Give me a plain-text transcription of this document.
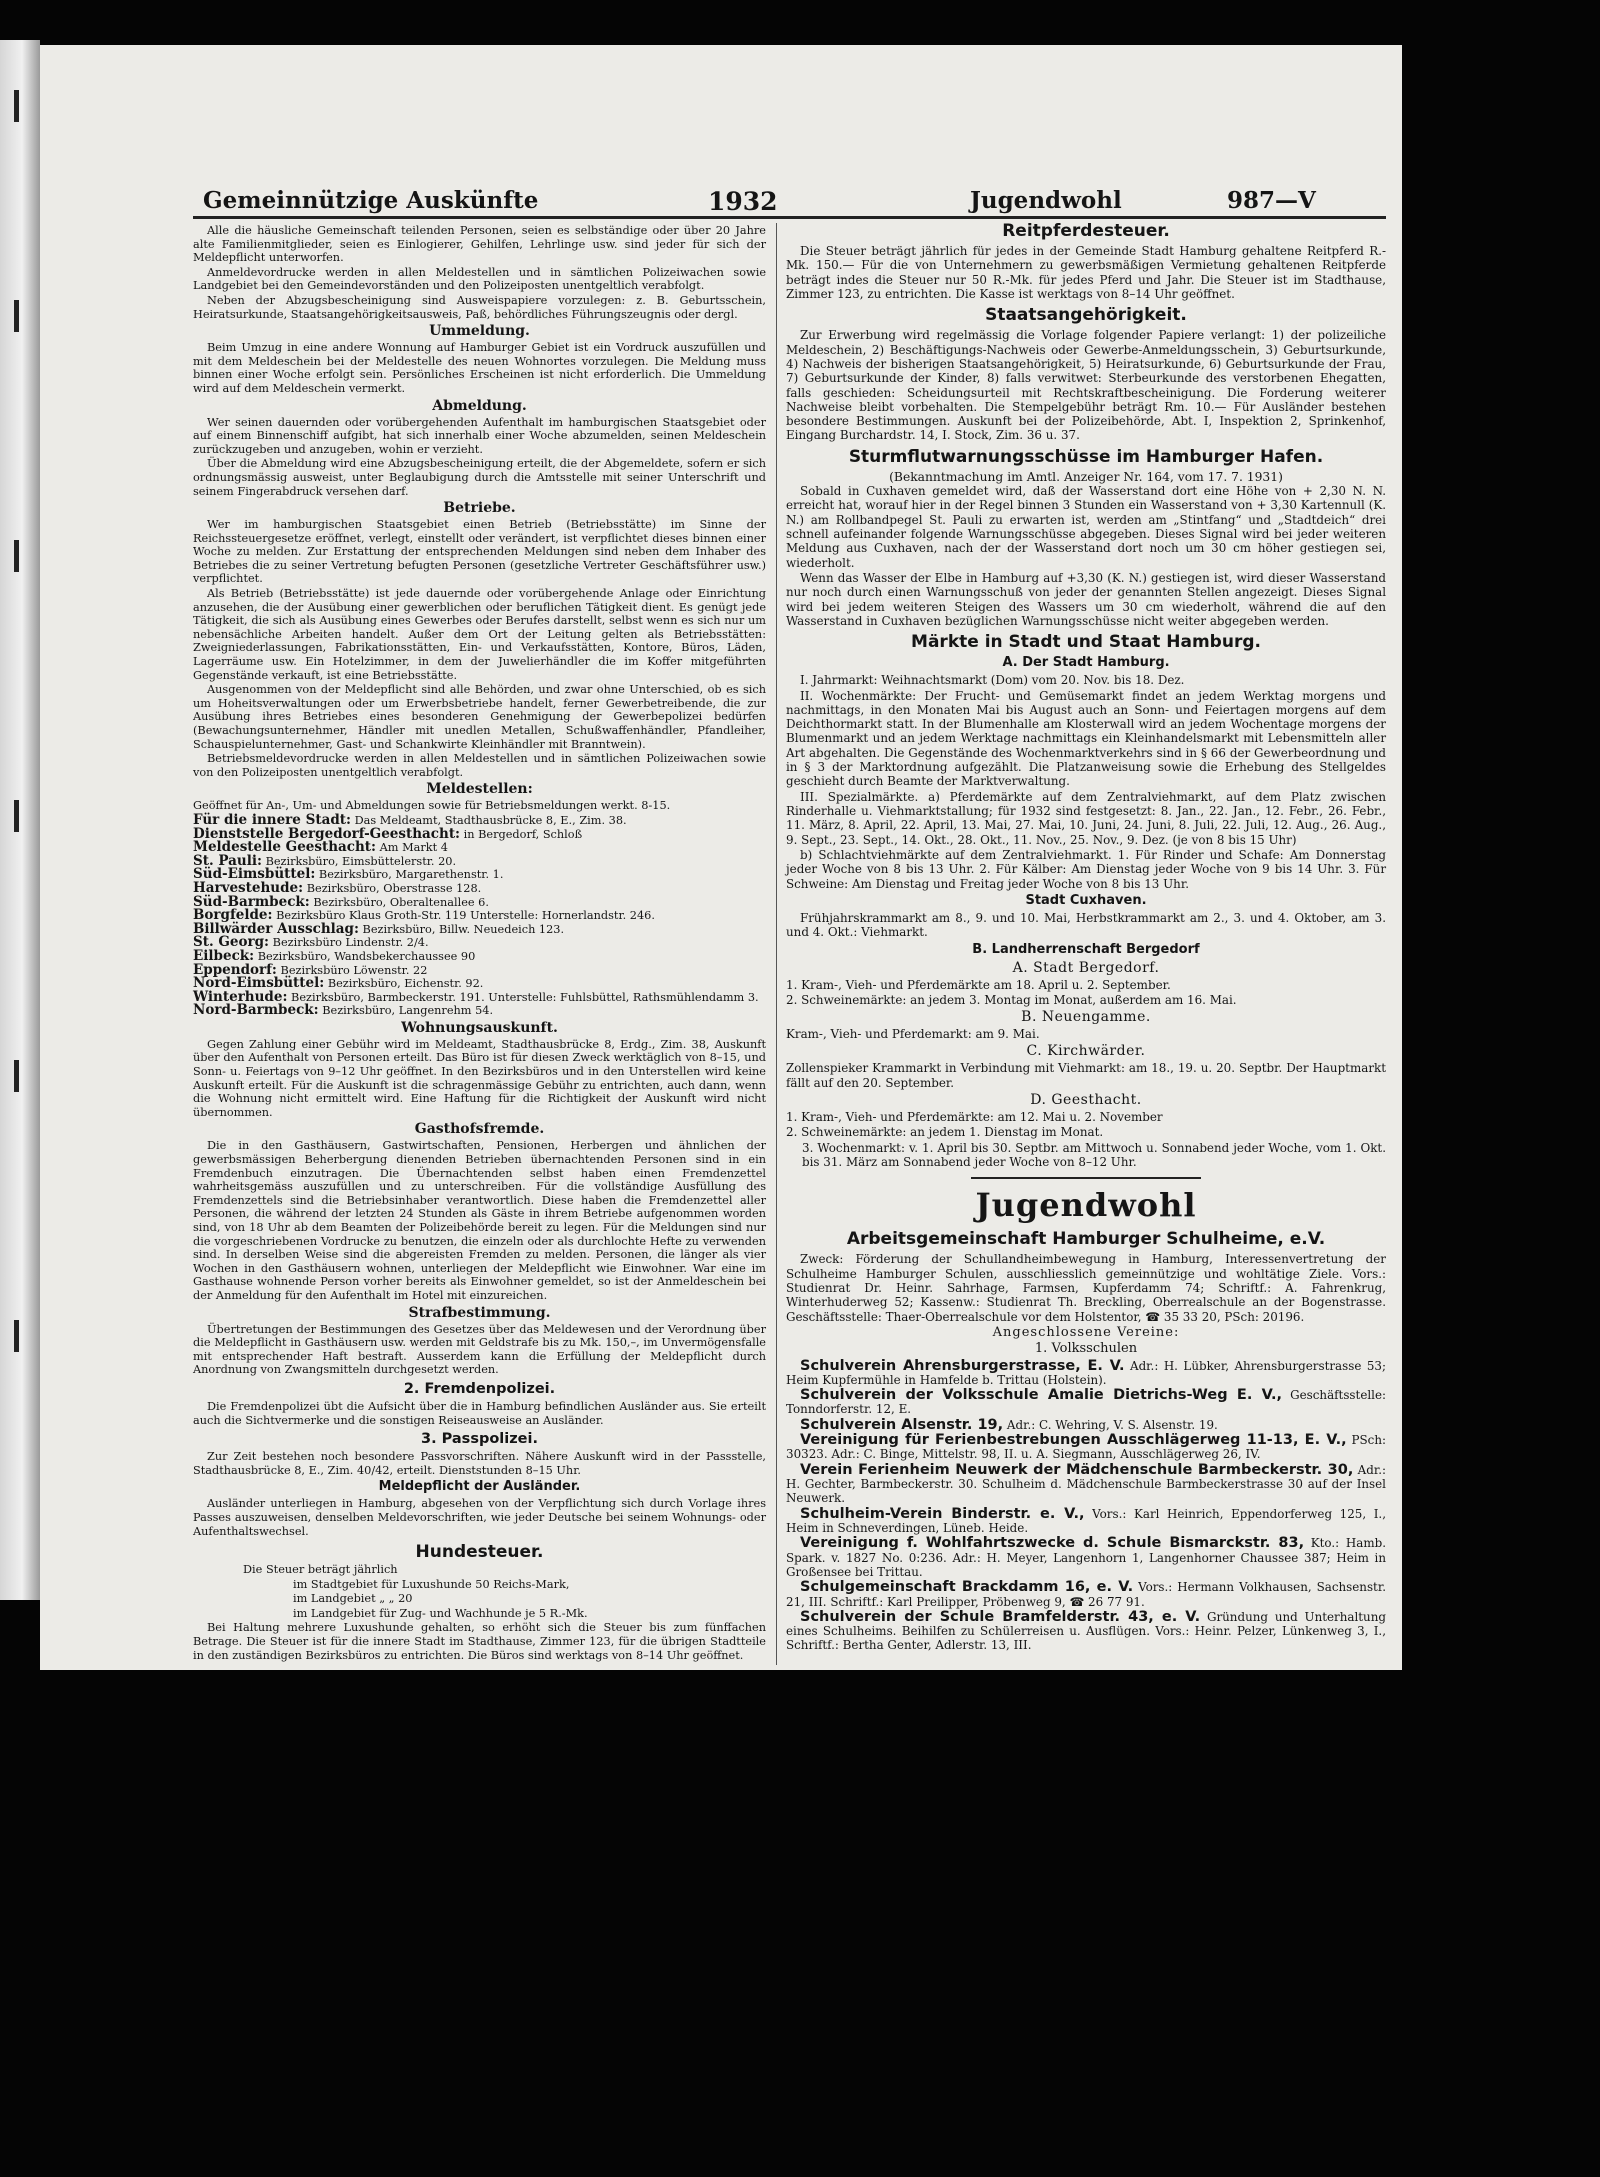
Gemeinnützige Auskünfte	1932	Jugendwohl	987—V

Alle die häusliche Gemeinschaft teilenden Personen, seien es selbständige oder über 20 Jahre alte Familienmitglieder, seien es Einlogierer, Gehilfen, Lehrlinge usw. sind jeder für sich der Meldepflicht unterworfen.

Anmeldevordrucke werden in allen Meldestellen und in sämtlichen Polizeiwachen sowie Landgebiet bei den Gemeindevorständen und den Polizeiposten unentgeltlich verabfolgt.

Neben der Abzugsbescheinigung sind Ausweispapiere vorzulegen: z. B. Geburtsschein, Heiratsurkunde, Staatsangehörigkeitsausweis, Paß, behördliches Führungszeugnis oder dergl.

Ummeldung.

Beim Umzug in eine andere Wonnung auf Hamburger Gebiet ist ein Vordruck auszufüllen und mit dem Meldeschein bei der Meldestelle des neuen Wohnortes vorzulegen. Die Meldung muss binnen einer Woche erfolgt sein. Persönliches Erscheinen ist nicht erforderlich. Die Ummeldung wird auf dem Meldeschein vermerkt.

Abmeldung.

Wer seinen dauernden oder vorübergehenden Aufenthalt im hamburgischen Staatsgebiet oder auf einem Binnenschiff aufgibt, hat sich innerhalb einer Woche abzumelden, seinen Meldeschein zurückzugeben und anzugeben, wohin er verzieht.

Über die Abmeldung wird eine Abzugsbescheinigung erteilt, die der Abgemeldete, sofern er sich ordnungsmässig ausweist, unter Beglaubigung durch die Amtsstelle mit seiner Unterschrift und seinem Fingerabdruck versehen darf.

Betriebe.

Wer im hamburgischen Staatsgebiet einen Betrieb (Betriebsstätte) im Sinne der Reichssteuergesetze eröffnet, verlegt, einstellt oder verändert, ist verpflichtet dieses binnen einer Woche zu melden. Zur Erstattung der entsprechenden Meldungen sind neben dem Inhaber des Betriebes die zu seiner Vertretung befugten Personen (gesetzliche Vertreter Geschäftsführer usw.) verpflichtet.

Als Betrieb (Betriebsstätte) ist jede dauernde oder vorübergehende Anlage oder Einrichtung anzusehen, die der Ausübung einer gewerblichen oder beruflichen Tätigkeit dient. Es genügt jede Tätigkeit, die sich als Ausübung eines Gewerbes oder Berufes darstellt, selbst wenn es sich nur um nebensächliche Arbeiten handelt. Außer dem Ort der Leitung gelten als Betriebsstätten: Zweigniederlassungen, Fabrikationsstätten, Ein- und Verkaufsstätten, Kontore, Büros, Läden, Lagerräume usw. Ein Hotelzimmer, in dem der Juwelierhändler die im Koffer mitgeführten Gegenstände verkauft, ist eine Betriebsstätte.

Ausgenommen von der Meldepflicht sind alle Behörden, und zwar ohne Unterschied, ob es sich um Hoheitsverwaltungen oder um Erwerbsbetriebe handelt, ferner Gewerbetreibende, die zur Ausübung ihres Betriebes eines besonderen Genehmigung der Gewerbepolizei bedürfen (Bewachungsunternehmer, Händler mit unedlen Metallen, Schußwaffenhändler, Pfandleiher, Schauspielunternehmer, Gast- und Schankwirte Kleinhändler mit Branntwein).

Betriebsmeldevordrucke werden in allen Meldestellen und in sämtlichen Polizeiwachen sowie von den Polizeiposten unentgeltlich verabfolgt.

Meldestellen:

Geöffnet für An-, Um- und Abmeldungen sowie für Betriebsmeldungen werkt. 8-15.

Für die innere Stadt: Das Meldeamt, Stadthausbrücke 8, E., Zim. 38.
Dienststelle Bergedorf-Geesthacht: in Bergedorf, Schloß
Meldestelle Geesthacht: Am Markt 4
St. Pauli: Bezirksbüro, Eimsbüttelerstr. 20.
Süd-Eimsbüttel: Bezirksbüro, Margarethenstr. 1.
Harvestehude: Bezirksbüro, Oberstrasse 128.
Süd-Barmbeck: Bezirksbüro, Oberaltenallee 6.
Borgfelde: Bezirksbüro Klaus Groth-Str. 119 Unterstelle: Hornerlandstr. 246.
Billwärder Ausschlag: Bezirksbüro, Billw. Neuedeich 123.
St. Georg: Bezirksbüro Lindenstr. 2/4.
Eilbeck: Bezirksbüro, Wandsbekerchaussee 90
Eppendorf: Bezirksbüro Löwenstr. 22
Nord-Eimsbüttel: Bezirksbüro, Eichenstr. 92.
Winterhude: Bezirksbüro, Barmbeckerstr. 191. Unterstelle: Fuhlsbüttel, Rathsmühlendamm 3.
Nord-Barmbeck: Bezirksbüro, Langenrehm 54.
Wohnungsauskunft.

Gegen Zahlung einer Gebühr wird im Meldeamt, Stadthausbrücke 8, Erdg., Zim. 38, Auskunft über den Aufenthalt von Personen erteilt. Das Büro ist für diesen Zweck werktäglich von 8–15, und Sonn- u. Feiertags von 9–12 Uhr geöffnet. In den Bezirksbüros und in den Unterstellen wird keine Auskunft erteilt. Für die Auskunft ist die schragenmässige Gebühr zu entrichten, auch dann, wenn die Wohnung nicht ermittelt wird. Eine Haftung für die Richtigkeit der Auskunft wird nicht übernommen.

Gasthofsfremde.

Die in den Gasthäusern, Gastwirtschaften, Pensionen, Herbergen und ähnlichen der gewerbsmässigen Beherbergung dienenden Betrieben übernachtenden Personen sind in ein Fremdenbuch einzutragen. Die Übernachtenden selbst haben einen Fremdenzettel wahrheitsgemäss auszufüllen und zu unterschreiben. Für die vollständige Ausfüllung des Fremdenzettels sind die Betriebsinhaber verantwortlich. Diese haben die Fremdenzettel aller Personen, die während der letzten 24 Stunden als Gäste in ihrem Betriebe aufgenommen worden sind, von 18 Uhr ab dem Beamten der Polizeibehörde bereit zu legen. Für die Meldungen sind nur die vorgeschriebenen Vordrucke zu benutzen, die einzeln oder als durchlochte Hefte zu verwenden sind. In derselben Weise sind die abgereisten Fremden zu melden. Personen, die länger als vier Wochen in den Gasthäusern wohnen, unterliegen der Meldepflicht wie Einwohner. War eine im Gasthause wohnende Person vorher bereits als Einwohner gemeldet, so ist der Anmeldeschein bei der Anmeldung für den Aufenthalt im Hotel mit einzureichen.

Strafbestimmung.

Übertretungen der Bestimmungen des Gesetzes über das Meldewesen und der Verordnung über die Meldepflicht in Gasthäusern usw. werden mit Geldstrafe bis zu Mk. 150,–, im Unvermögensfalle mit entsprechender Haft bestraft. Ausserdem kann die Erfüllung der Meldepflicht durch Anordnung von Zwangsmitteln durchgesetzt werden.

2. Fremdenpolizei.

Die Fremdenpolizei übt die Aufsicht über die in Hamburg befindlichen Ausländer aus. Sie erteilt auch die Sichtvermerke und die sonstigen Reiseausweise an Ausländer.

3. Passpolizei.

Zur Zeit bestehen noch besondere Passvorschriften. Nähere Auskunft wird in der Passstelle, Stadthausbrücke 8, E., Zim. 40/42, erteilt. Dienststunden 8–15 Uhr.

Meldepflicht der Ausländer.

Ausländer unterliegen in Hamburg, abgesehen von der Verpflichtung sich durch Vorlage ihres Passes auszuweisen, denselben Meldevorschriften, wie jeder Deutsche bei seinem Wohnungs- oder Aufenthaltswechsel.

Hundesteuer.

Die Steuer beträgt jährlich

im Stadtgebiet für Luxushunde 50 Reichs-Mark,

im Landgebiet „ „ 20

im Landgebiet für Zug- und Wachhunde je 5 R.-Mk.

Bei Haltung mehrere Luxushunde gehalten, so erhöht sich die Steuer bis zum fünffachen Betrage. Die Steuer ist für die innere Stadt im Stadthause, Zimmer 123, für die übrigen Stadtteile in den zuständigen Bezirksbüros zu entrichten. Die Büros sind werktags von 8–14 Uhr geöffnet.

Reitpferdesteuer.

Die Steuer beträgt jährlich für jedes in der Gemeinde Stadt Hamburg gehaltene Reitpferd R.-Mk. 150.— Für die von Unternehmern zu gewerbsmäßigen Vermietung gehaltenen Reitpferde beträgt indes die Steuer nur 50 R.-Mk. für jedes Pferd und Jahr. Die Steuer ist im Stadthause, Zimmer 123, zu entrichten. Die Kasse ist werktags von 8–14 Uhr geöffnet.

Staatsangehörigkeit.

Zur Erwerbung wird regelmässig die Vorlage folgender Papiere verlangt: 1) der polizeiliche Meldeschein, 2) Beschäftigungs-Nachweis oder Gewerbe-Anmeldungsschein, 3) Geburtsurkunde, 4) Nachweis der bisherigen Staatsangehörigkeit, 5) Heiratsurkunde, 6) Geburtsurkunde der Frau, 7) Geburtsurkunde der Kinder, 8) falls verwitwet: Sterbeurkunde des verstorbenen Ehegatten, falls geschieden: Scheidungsurteil mit Rechtskraftbescheinigung. Die Forderung weiterer Nachweise bleibt vorbehalten. Die Stempelgebühr beträgt Rm. 10.— Für Ausländer bestehen besondere Bestimmungen. Auskunft bei der Polizeibehörde, Abt. I, Inspektion 2, Sprinkenhof, Eingang Burchardstr. 14, I. Stock, Zim. 36 u. 37.

Sturmflutwarnungsschüsse im Hamburger Hafen.
(Bekanntmachung im Amtl. Anzeiger Nr. 164, vom 17. 7. 1931)

Sobald in Cuxhaven gemeldet wird, daß der Wasserstand dort eine Höhe von + 2,30 N. N. erreicht hat, worauf hier in der Regel binnen 3 Stunden ein Wasserstand von + 3,30 Kartennull (K. N.) am Rollbandpegel St. Pauli zu erwarten ist, werden am „Stintfang“ und „Stadtdeich“ drei schnell aufeinander folgende Warnungsschüsse abgegeben. Dieses Signal wird bei jeder weiteren Meldung aus Cuxhaven, nach der der Wasserstand dort noch um 30 cm höher gestiegen sei, wiederholt.

Wenn das Wasser der Elbe in Hamburg auf +3,30 (K. N.) gestiegen ist, wird dieser Wasserstand nur noch durch einen Warnungsschuß von jeder der genannten Stellen angezeigt. Dieses Signal wird bei jedem weiteren Steigen des Wassers um 30 cm wiederholt, während die auf den Wasserstand in Cuxhaven bezüglichen Warnungsschüsse nicht weiter abgegeben werden.

Märkte in Stadt und Staat Hamburg.
A. Der Stadt Hamburg.

I. Jahrmarkt: Weihnachtsmarkt (Dom) vom 20. Nov. bis 18. Dez.

II. Wochenmärkte: Der Frucht- und Gemüsemarkt findet an jedem Werktag morgens und nachmittags, in den Monaten Mai bis August auch an Sonn- und Feiertagen morgens auf dem Deichthormarkt statt. In der Blumenhalle am Klosterwall wird an jedem Wochentage morgens der Blumenmarkt und an jedem Werktage nachmittags ein Kleinhandelsmarkt mit Lebensmitteln aller Art abgehalten. Die Gegenstände des Wochenmarktverkehrs sind in § 66 der Gewerbeordnung und in § 3 der Marktordnung aufgezählt. Die Platzanweisung sowie die Erhebung des Stellgeldes geschieht durch Beamte der Marktverwaltung.

III. Spezialmärkte. a) Pferdemärkte auf dem Zentralviehmarkt, auf dem Platz zwischen Rinderhalle u. Viehmarktstallung; für 1932 sind festgesetzt: 8. Jan., 22. Jan., 12. Febr., 26. Febr., 11. März, 8. April, 22. April, 13. Mai, 27. Mai, 10. Juni, 24. Juni, 8. Juli, 22. Juli, 12. Aug., 26. Aug., 9. Sept., 23. Sept., 14. Okt., 28. Okt., 11. Nov., 25. Nov., 9. Dez. (je von 8 bis 15 Uhr)

b) Schlachtviehmärkte auf dem Zentralviehmarkt. 1. Für Rinder und Schafe: Am Donnerstag jeder Woche von 8 bis 13 Uhr. 2. Für Kälber: Am Dienstag jeder Woche von 9 bis 14 Uhr. 3. Für Schweine: Am Dienstag und Freitag jeder Woche von 8 bis 13 Uhr.

Stadt Cuxhaven.

Frühjahrskrammarkt am 8., 9. und 10. Mai, Herbstkrammarkt am 2., 3. und 4. Oktober, am 3. und 4. Okt.: Viehmarkt.

B. Landherrenschaft Bergedorf
A. Stadt Bergedorf.

1. Kram-, Vieh- und Pferdemärkte am 18. April u. 2. September.

2. Schweinemärkte: an jedem 3. Montag im Monat, außerdem am 16. Mai.

B. Neuengamme.

Kram-, Vieh- und Pferdemarkt: am 9. Mai.

C. Kirchwärder.

Zollenspieker Krammarkt in Verbindung mit Viehmarkt: am 18., 19. u. 20. Septbr. Der Hauptmarkt fällt auf den 20. September.

D. Geesthacht.

1. Kram-, Vieh- und Pferdemärkte: am 12. Mai u. 2. November

2. Schweinemärkte: an jedem 1. Dienstag im Monat.

3. Wochenmarkt: v. 1. April bis 30. Septbr. am Mittwoch u. Sonnabend jeder Woche, vom 1. Okt. bis 31. März am Sonnabend jeder Woche von 8–12 Uhr.

Jugendwohl
Arbeitsgemeinschaft Hamburger Schulheime, e.V.

Zweck: Förderung der Schullandheimbewegung in Hamburg, Interessenvertretung der Schulheime Hamburger Schulen, ausschliesslich gemeinnützige und wohltätige Ziele. Vors.: Studienrat Dr. Heinr. Sahrhage, Farmsen, Kupferdamm 74; Schriftf.: A. Fahrenkrug, Winterhuderweg 52; Kassenw.: Studienrat Th. Breckling, Oberrealschule an der Bogenstrasse. Geschäftsstelle: Thaer-Oberrealschule vor dem Holstentor, ☎ 35 33 20, PSch: 20196.

Angeschlossene Vereine:
1. Volksschulen

Schulverein Ahrensburgerstrasse, E. V. Adr.: H. Lübker, Ahrensburgerstrasse 53; Heim Kupfermühle in Hamfelde b. Trittau (Holstein).

Schulverein der Volksschule Amalie Dietrichs-Weg E. V., Geschäftsstelle: Tonndorferstr. 12, E.

Schulverein Alsenstr. 19, Adr.: C. Wehring, V. S. Alsenstr. 19.

Vereinigung für Ferienbestrebungen Ausschlägerweg 11-13, E. V., PSch: 30323. Adr.: C. Binge, Mittelstr. 98, II. u. A. Siegmann, Ausschlägerweg 26, IV.

Verein Ferienheim Neuwerk der Mädchenschule Barmbeckerstr. 30, Adr.: H. Gechter, Barmbeckerstr. 30. Schulheim d. Mädchenschule Barmbeckerstrasse 30 auf der Insel Neuwerk.

Schulheim-Verein Binderstr. e. V., Vors.: Karl Heinrich, Eppendorferweg 125, I., Heim in Schneverdingen, Lüneb. Heide.

Vereinigung f. Wohlfahrtszwecke d. Schule Bismarckstr. 83, Kto.: Hamb. Spark. v. 1827 No. 0:236. Adr.: H. Meyer, Langenhorn 1, Langenhorner Chaussee 387; Heim in Großensee bei Trittau.

Schulgemeinschaft Brackdamm 16, e. V. Vors.: Hermann Volkhausen, Sachsenstr. 21, III. Schriftf.: Karl Preilipper, Pröbenweg 9, ☎ 26 77 91.

Schulverein der Schule Bramfelderstr. 43, e. V. Gründung und Unterhaltung eines Schulheims. Beihilfen zu Schülerreisen u. Ausflügen. Vors.: Heinr. Pelzer, Lünkenweg 3, I., Schriftf.: Bertha Genter, Adlerstr. 13, III.
